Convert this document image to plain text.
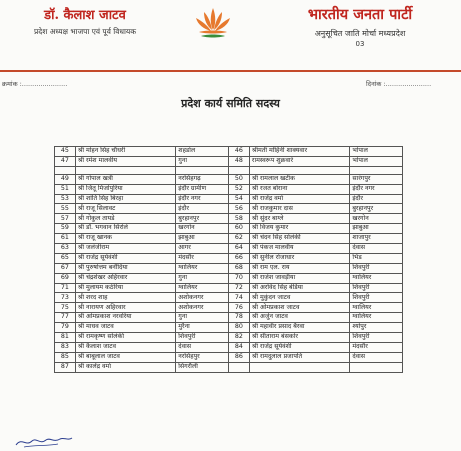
डॉ. कैलाश जाटव
प्रदेश अध्यक्ष भाजपा एवं पूर्व विधायक
भारतीय जनता पार्टी
अनुसूचित जाति मोर्चा मध्यप्रदेश
03
क्रमांक :......................	दिनांक :......................
प्रदेश कार्य समिति सदस्य
45	श्री मोहन सिंह चौधरी	शहडोल	46	श्रीमती मोहिनी शाक्यवार	भोपाल
47	श्री रमेश मालवीय	गुना	48	रामस्वरूप शुक्रवारे	भोपाल

49	श्री गोपाल खत्री	नरसिंहगढ़	50	श्री रामलाल खटीक	सारंगपुर
51	श्री जितू मिर्जापुरिया	इंदौर ग्रामीण	52	श्री रजत बोराना	इंदौर नगर
53	श्री शांति सिंह बिरहा	इंदौर नगर	54	श्री राजेंद्र वर्मा	इंदौर
55	श्री राजू सिलावट	इंदौर	56	श्री राजकुमार दास	बुरहानपुर
57	श्री गोकुल तायडे	बुरहानपुर	58	श्री सुंदर बाग्ले	खरगोन
59	श्री डॉ. भगवान सिरोले	खरगोन	60	श्री विजय कुमार	झाबुआ
61	श्री राजू खानक	झाबुआ	62	श्री चंदन सिंह सोलंकी	शाजापुर
63	श्री जलंजीराम	आगर	64	श्री पंकज मालवीय	देवास
65	श्री राजेंद्र सूर्यवंशी	मंदसौर	66	श्री सुनील रोजाधार	भिंड
67	श्री पुरुषोत्तम बनौदिया	ग्वालियर	68	श्री राम एल. राय	शिवपुरी
69	श्री चंद्रशेखर अहिरवार	गुना	70	श्री राजेश जावड़ीया	ग्वालियर
71	श्री मुलायम कठेरिया	ग्वालियर	72	श्री अरविंद सिंह बेडिया	शिवपुरी
73	श्री शरद शाह	अशोकनगर	74	श्री मुकुंदन जाटव	शिवपुरी
75	श्री नारायण अहिरवार	अशोकनगर	76	श्री ओमप्रकाश जाटव	ग्वालियर
77	श्री ओमप्रकाश नरवरिया	गुना	78	श्री अर्जुन जाटव	ग्वालियर
79	श्री माधव जाटव	मुरैना	80	श्री महावीर प्रसाद बैरवा	श्योपुर
81	श्री रामकृष्ण सोलंकी	शिवपुरी	82	श्री सीताराम बंसकोर	शिवपुरी
83	श्री कैलाश जाटव	देवास	84	श्री राजेंद्र सूर्यवंशी	मंदसौर
85	श्री बाबूलाल जाटव	नरसिंहपुर	86	श्री रामदुलाल प्रजापति	देवास
87	श्री कालेंद्र वर्मा	सिंगरौली			
